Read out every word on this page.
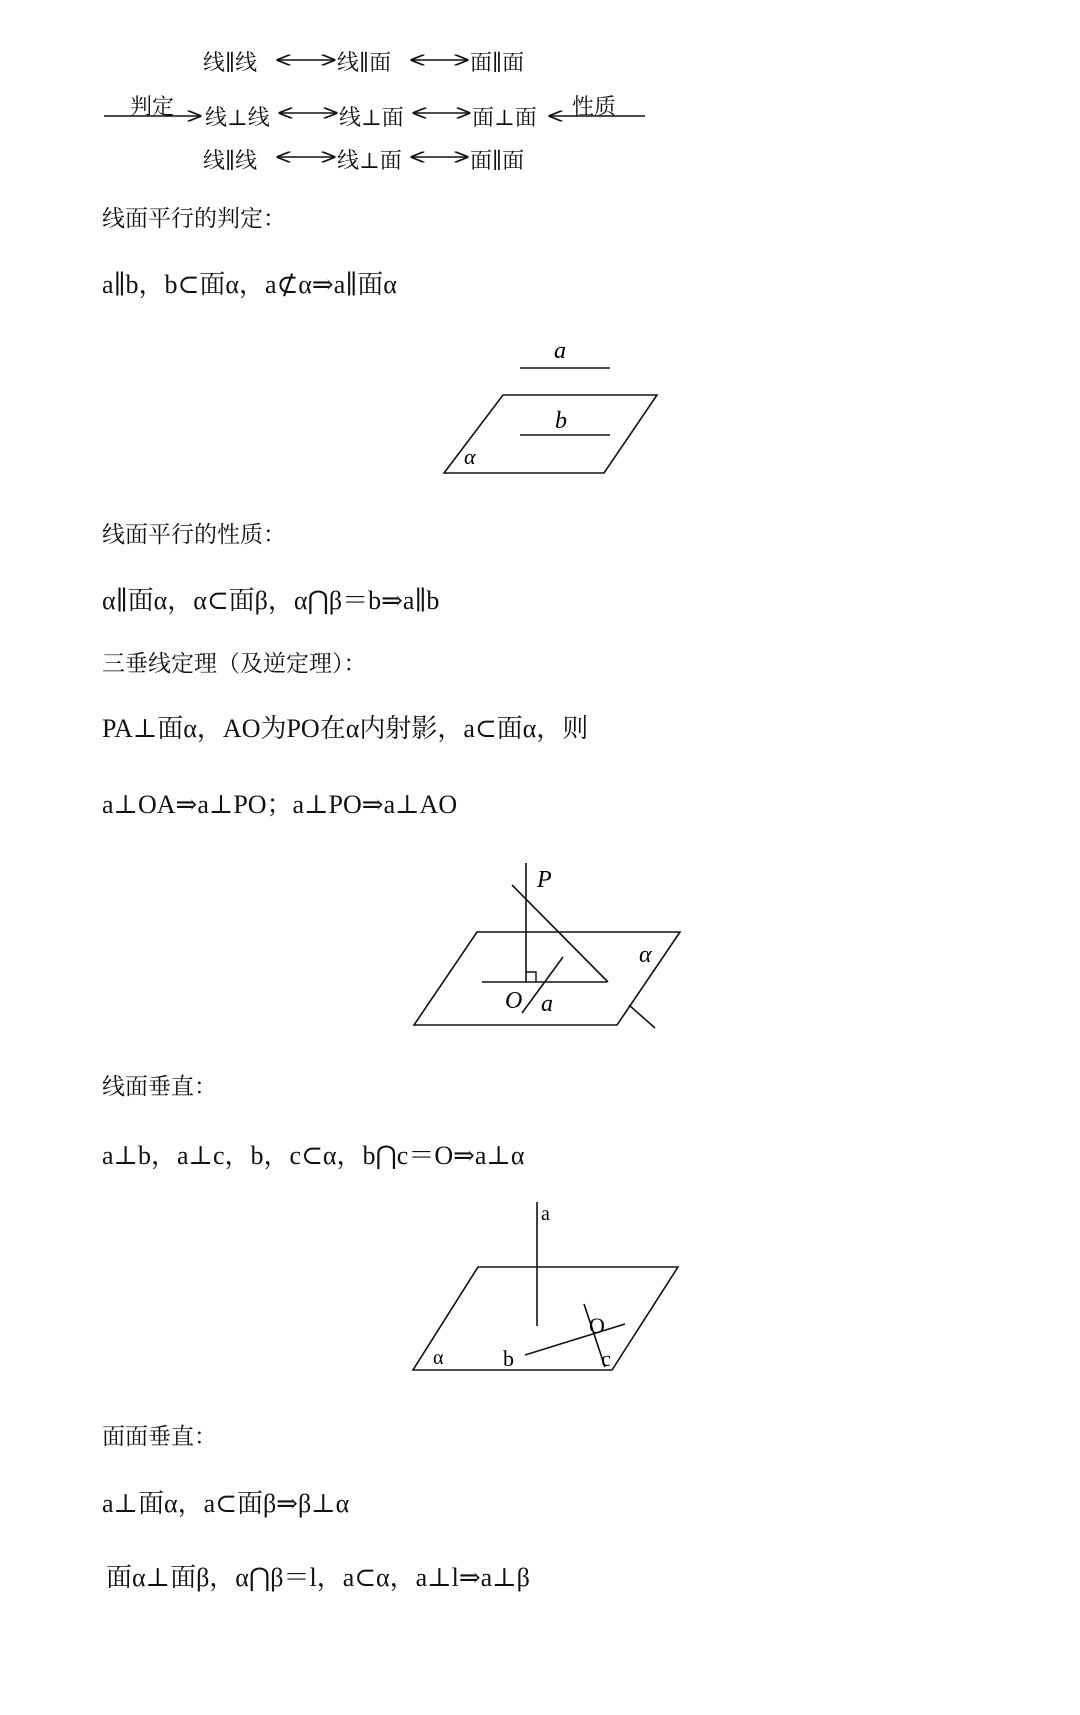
线∥线	线∥面	面∥面
线⊥线	线⊥面	面⊥面
线∥线	线⊥面	面∥面
判定	性质
线面平行的判定：
a∥b，b⊂面α，a⊄α⇒a∥面α
a
b
α
线面平行的性质：
α∥面α，α⊂面β，α⋂β＝b⇒a∥b
三垂线定理（及逆定理）：
PA⊥面α，AO为PO在α内射影，a⊂面α，则
a⊥OA⇒a⊥PO；a⊥PO⇒a⊥AO
P
O a
α
线面垂直：
a⊥b，a⊥c，b，c⊂α，b⋂c＝O⇒a⊥α
a
O
α	b	c
面面垂直：
a⊥面α，a⊂面β⇒β⊥α
面α⊥面β，α⋂β＝l，a⊂α，a⊥l⇒a⊥β
